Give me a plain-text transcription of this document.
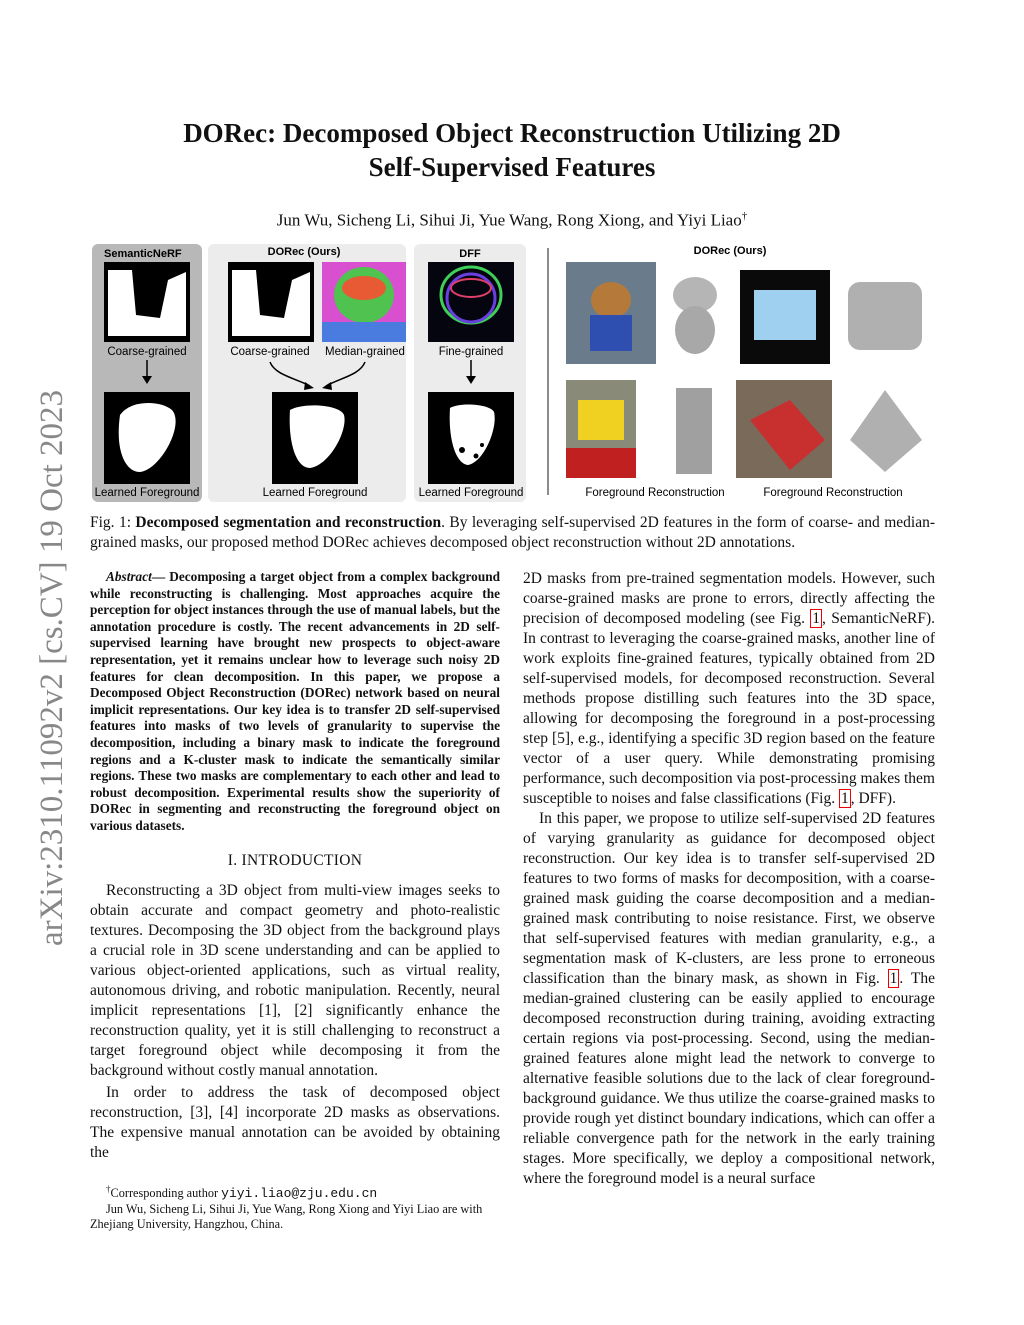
arXiv:2310.11092v2 [cs.CV] 19 Oct 2023
DORec: Decomposed Object Reconstruction Utilizing 2D
Self-Supervised Features
Jun Wu, Sicheng Li, Sihui Ji, Yue Wang, Rong Xiong, and Yiyi Liao†
SemanticNeRF
Coarse-grained
Learned Foreground
DORec (Ours)
Coarse-grained Median-grained
Learned Foreground
DFF
Fine-grained
Learned Foreground
DORec (Ours)
Foreground Reconstruction	Foreground Reconstruction
Fig. 1: Decomposed segmentation and reconstruction. By leveraging self-supervised 2D features in the form of coarse- and median-grained masks, our proposed method DORec achieves decomposed object reconstruction without 2D annotations.

Abstract— Decomposing a target object from a complex background while reconstructing is challenging. Most approaches acquire the perception for object instances through the use of manual labels, but the annotation procedure is costly. The recent advancements in 2D self-supervised learning have brought new prospects to object-aware representation, yet it remains unclear how to leverage such noisy 2D features for clean decomposition. In this paper, we propose a Decomposed Object Reconstruction (DORec) network based on neural implicit representations. Our key idea is to transfer 2D self-supervised features into masks of two levels of granularity to supervise the decomposition, including a binary mask to indicate the foreground regions and a K-cluster mask to indicate the semantically similar regions. These two masks are complementary to each other and lead to robust decomposition. Experimental results show the superiority of DORec in segmenting and reconstructing the foreground object on various datasets.

I. INTRODUCTION

Reconstructing a 3D object from multi-view images seeks to obtain accurate and compact geometry and photo-realistic textures. Decomposing the 3D object from the background plays a crucial role in 3D scene understanding and can be applied to various object-oriented applications, such as virtual reality, autonomous driving, and robotic manipulation. Recently, neural implicit representations [1], [2] significantly enhance the reconstruction quality, yet it is still challenging to reconstruct a target foreground object while decomposing it from the background without costly manual annotation.

In order to address the task of decomposed object reconstruction, [3], [4] incorporate 2D masks as observations. The expensive manual annotation can be avoided by obtaining the

†Corresponding author yiyi.liao@zju.edu.cn
Jun Wu, Sicheng Li, Sihui Ji, Yue Wang, Rong Xiong and Yiyi Liao are with Zhejiang University, Hangzhou, China.

2D masks from pre-trained segmentation models. However, such coarse-grained masks are prone to errors, directly affecting the precision of decomposed modeling (see Fig. 1 , SemanticNeRF). In contrast to leveraging the coarse-grained masks, another line of work exploits fine-grained features, typically obtained from 2D self-supervised models, for decomposed reconstruction. Several methods propose distilling such features into the 3D space, allowing for decomposing the foreground in a post-processing step [5], e.g., identifying a specific 3D region based on the feature vector of a user query. While demonstrating promising performance, such decomposition via post-processing makes them susceptible to noises and false classifications (Fig. 1 , DFF).

In this paper, we propose to utilize self-supervised 2D features of varying granularity as guidance for decomposed object reconstruction. Our key idea is to transfer self-supervised 2D features to two forms of masks for decomposition, with a coarse-grained mask guiding the coarse decomposition and a median-grained mask contributing to noise resistance. First, we observe that self-supervised features with median granularity, e.g., a segmentation mask of K-clusters, are less prone to erroneous classification than the binary mask, as shown in Fig. 1 . The median-grained clustering can be easily applied to encourage decomposed reconstruction during training, avoiding extracting certain regions via post-processing. Second, using the median-grained features alone might lead the network to converge to alternative feasible solutions due to the lack of clear foreground-background guidance. We thus utilize the coarse-grained masks to provide rough yet distinct boundary indications, which can offer a reliable convergence path for the network in the early training stages. More specifically, we deploy a compositional network, where the foreground model is a neural surface
